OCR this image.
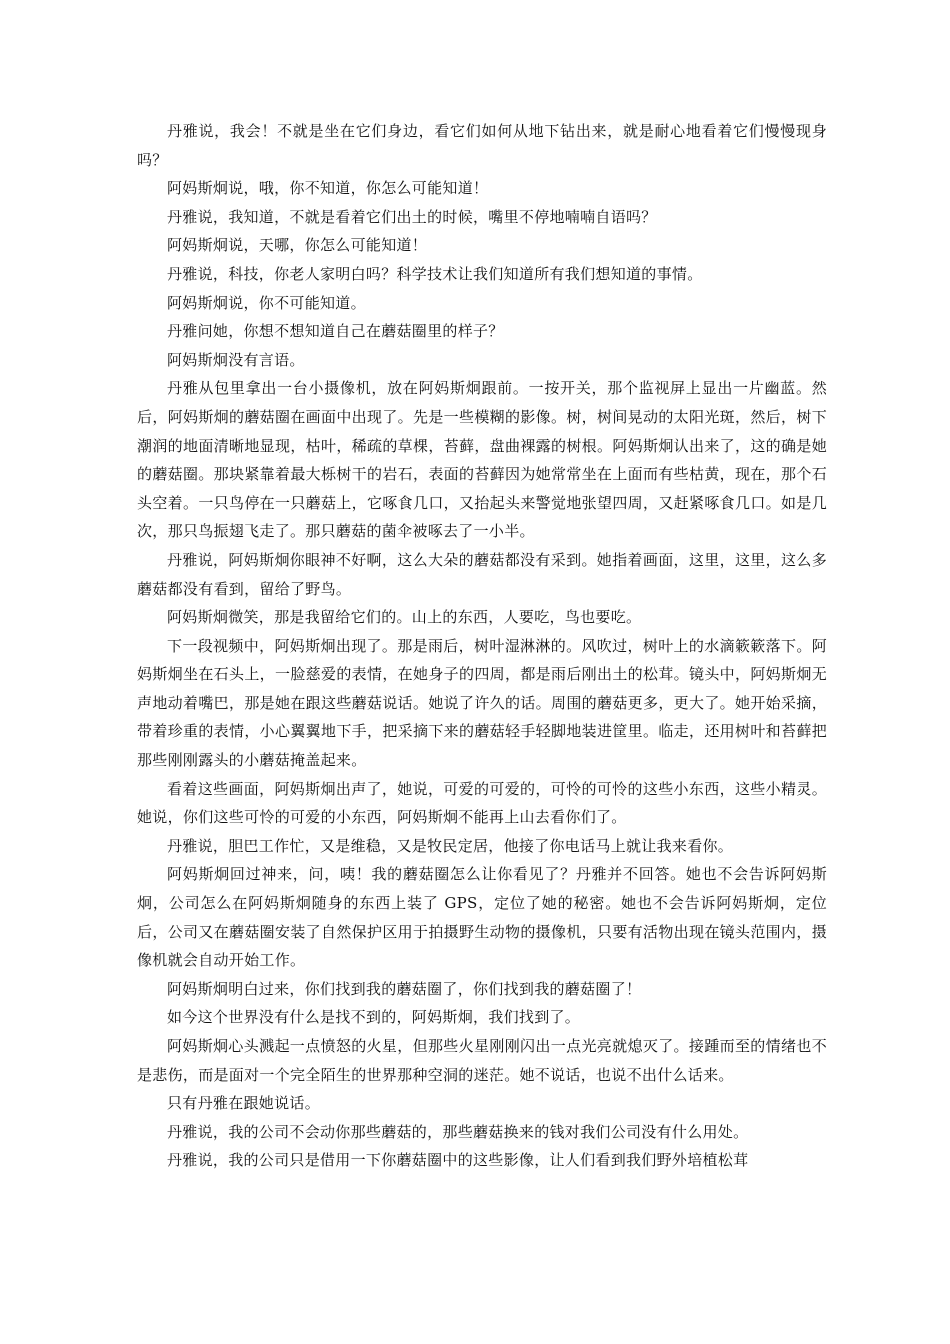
丹雅说，我会！不就是坐在它们身边，看它们如何从地下钻出来，就是耐心地看着它们慢慢现身吗？

阿妈斯炯说，哦，你不知道，你怎么可能知道！

丹雅说，我知道，不就是看着它们出土的时候，嘴里不停地喃喃自语吗？

阿妈斯炯说，天哪，你怎么可能知道！

丹雅说，科技，你老人家明白吗？科学技术让我们知道所有我们想知道的事情。

阿妈斯炯说，你不可能知道。

丹雅问她，你想不想知道自己在蘑菇圈里的样子？

阿妈斯炯没有言语。

丹雅从包里拿出一台小摄像机，放在阿妈斯炯跟前。一按开关，那个监视屏上显出一片幽蓝。然后，阿妈斯炯的蘑菇圈在画面中出现了。先是一些模糊的影像。树，树间晃动的太阳光斑，然后，树下潮润的地面清晰地显现，枯叶，稀疏的草棵，苔藓，盘曲裸露的树根。阿妈斯炯认出来了，这的确是她的蘑菇圈。那块紧靠着最大栎树干的岩石，表面的苔藓因为她常常坐在上面而有些枯黄，现在，那个石头空着。一只鸟停在一只蘑菇上，它啄食几口，又抬起头来警觉地张望四周，又赶紧啄食几口。如是几次，那只鸟振翅飞走了。那只蘑菇的菌伞被啄去了一小半。

丹雅说，阿妈斯炯你眼神不好啊，这么大朵的蘑菇都没有采到。她指着画面，这里，这里，这么多蘑菇都没有看到，留给了野鸟。

阿妈斯炯微笑，那是我留给它们的。山上的东西，人要吃，鸟也要吃。

下一段视频中，阿妈斯炯出现了。那是雨后，树叶湿淋淋的。风吹过，树叶上的水滴簌簌落下。阿妈斯炯坐在石头上，一脸慈爱的表情，在她身子的四周，都是雨后刚出土的松茸。镜头中，阿妈斯炯无声地动着嘴巴，那是她在跟这些蘑菇说话。她说了许久的话。周围的蘑菇更多，更大了。她开始采摘，带着珍重的表情，小心翼翼地下手，把采摘下来的蘑菇轻手轻脚地装进筐里。临走，还用树叶和苔藓把那些刚刚露头的小蘑菇掩盖起来。

看着这些画面，阿妈斯炯出声了，她说，可爱的可爱的，可怜的可怜的这些小东西，这些小精灵。她说，你们这些可怜的可爱的小东西，阿妈斯炯不能再上山去看你们了。

丹雅说，胆巴工作忙，又是维稳，又是牧民定居，他接了你电话马上就让我来看你。

阿妈斯炯回过神来，问，咦！我的蘑菇圈怎么让你看见了？丹雅并不回答。她也不会告诉阿妈斯炯，公司怎么在阿妈斯炯随身的东西上装了 GPS，定位了她的秘密。她也不会告诉阿妈斯炯，定位后，公司又在蘑菇圈安装了自然保护区用于拍摄野生动物的摄像机，只要有活物出现在镜头范围内，摄像机就会自动开始工作。

阿妈斯炯明白过来，你们找到我的蘑菇圈了，你们找到我的蘑菇圈了！

如今这个世界没有什么是找不到的，阿妈斯炯，我们找到了。

阿妈斯炯心头溅起一点愤怒的火星，但那些火星刚刚闪出一点光亮就熄灭了。接踵而至的情绪也不是悲伤，而是面对一个完全陌生的世界那种空洞的迷茫。她不说话，也说不出什么话来。

只有丹雅在跟她说话。

丹雅说，我的公司不会动你那些蘑菇的，那些蘑菇换来的钱对我们公司没有什么用处。

丹雅说，我的公司只是借用一下你蘑菇圈中的这些影像，让人们看到我们野外培植松茸
